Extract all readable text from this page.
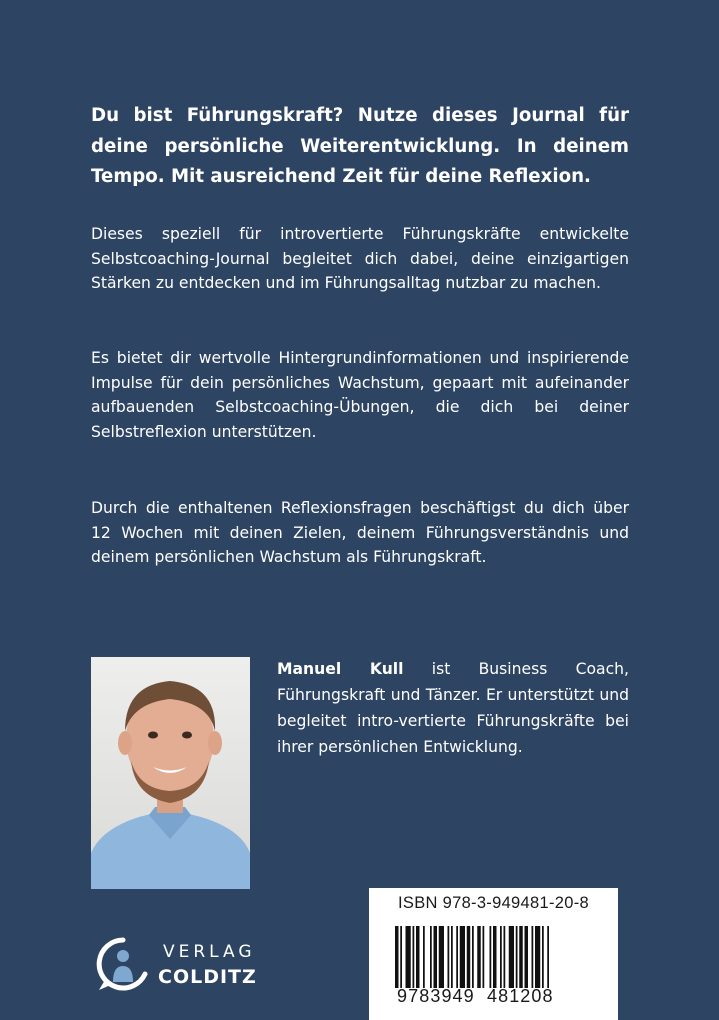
Du bist Führungskraft? Nutze dieses Journal für deine persönliche Weiterentwicklung. In deinem Tempo. Mit ausreichend Zeit für deine Reflexion.

Dieses speziell für introvertierte Führungskräfte entwickelte Selbstcoaching-Journal begleitet dich dabei, deine einzigartigen Stärken zu entdecken und im Führungsalltag nutzbar zu machen.

Es bietet dir wertvolle Hintergrundinformationen und inspirierende Impulse für dein persönliches Wachstum, gepaart mit aufeinander aufbauenden Selbstcoaching-Übungen, die dich bei deiner Selbstreflexion unterstützen.

Durch die enthaltenen Reflexionsfragen beschäftigst du dich über 12 Wochen mit deinen Zielen, deinem Führungsverständnis und deinem persönlichen Wachstum als Führungskraft.

Manuel Kull ist Business Coach, Führungskraft und Tänzer. Er unterstützt und begleitet intro-vertierte Führungskräfte bei ihrer persönlichen Entwicklung.

VERLAG
COLDITZ
ISBN 978-3-949481-20-8
9783949  481208
